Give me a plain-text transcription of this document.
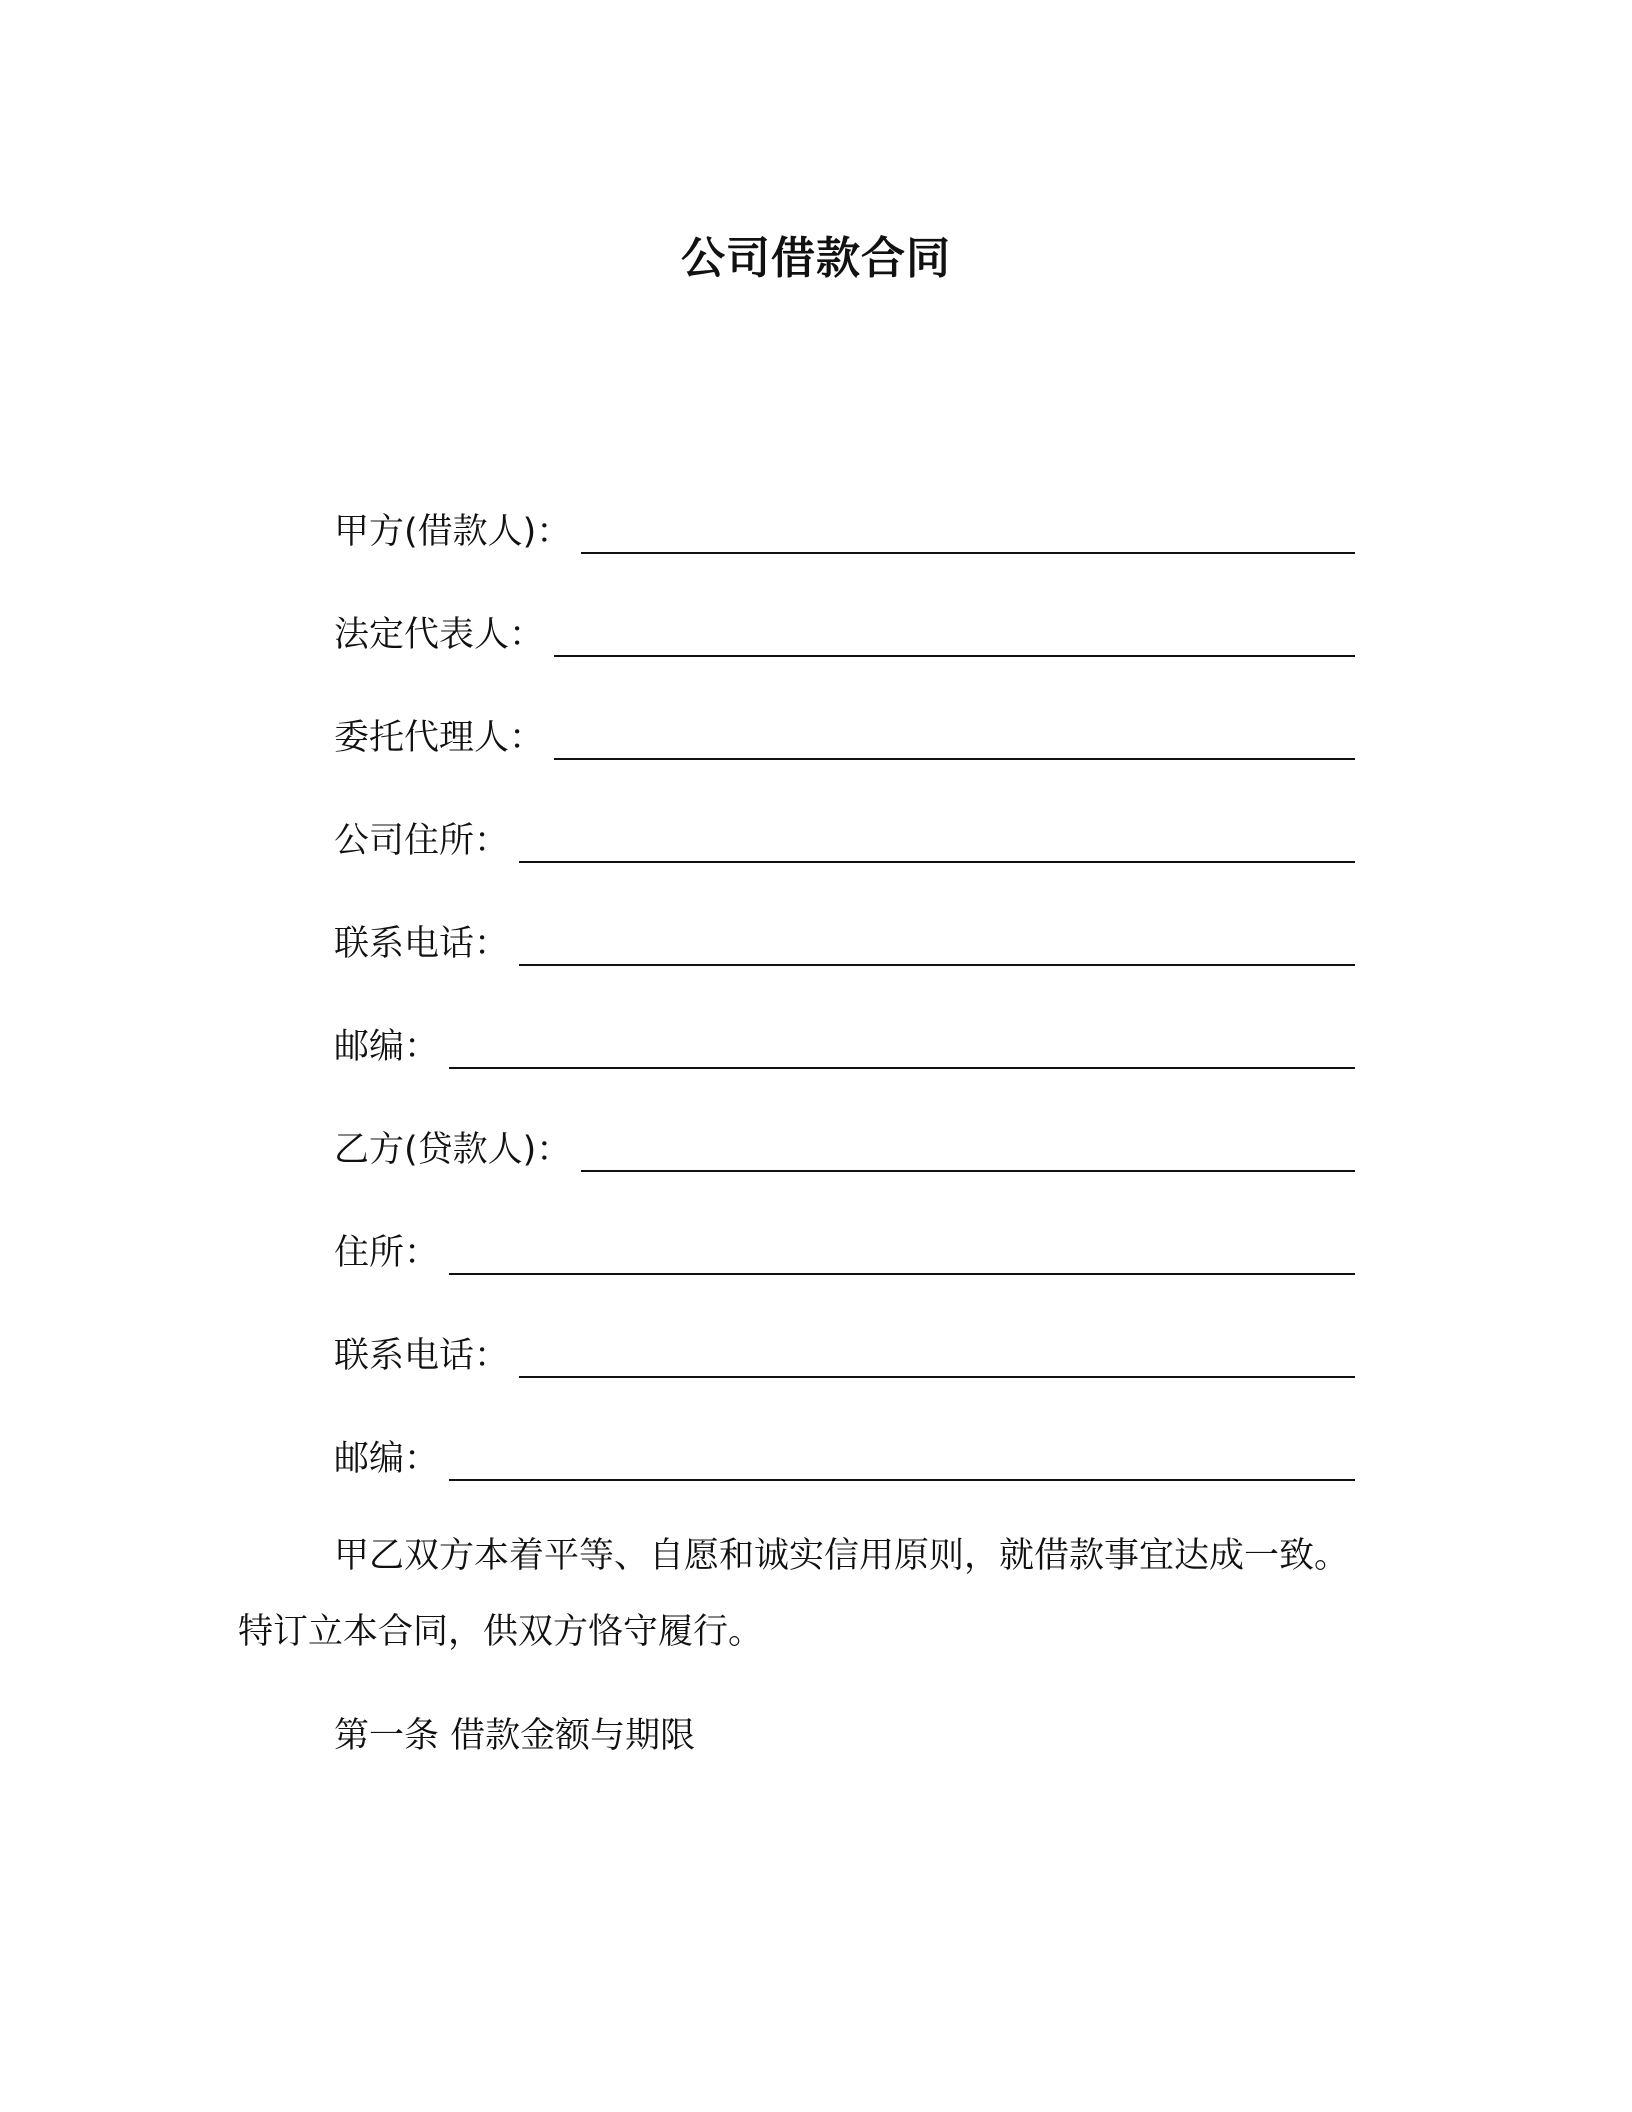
公司借款合同
甲方(借款人)：
法定代表人：
委托代理人：
公司住所：
联系电话：
邮编：
乙方(贷款人)：
住所：
联系电话：
邮编：

甲乙双方本着平等、自愿和诚实信用原则，就借款事宜达成一致。

特订立本合同，供双方恪守履行。

第一条 借款金额与期限
